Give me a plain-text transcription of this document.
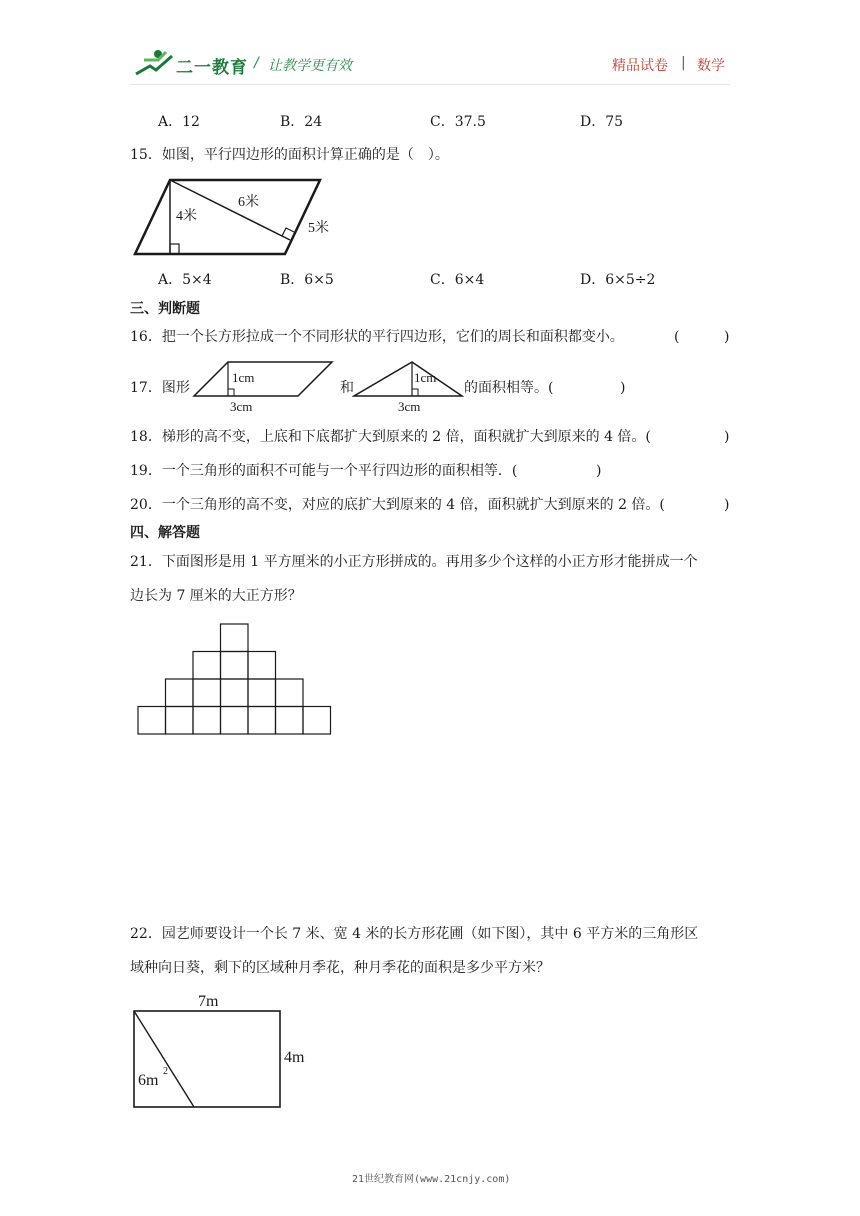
二一教育 / 让教学更有效	精品试卷 | 数学
A．12	B．24	C．37.5	D．75
15．如图，平行四边形的面积计算正确的是（　）。
6米
4米
5米
A．5×4	B．6×5	C．6×4	D．6×5÷2
三、判断题
16．把一个长方形拉成一个不同形状的平行四边形，它们的周长和面积都变小。	(	)
17．图形
1cm
3cm
和
1cm
3cm
的面积相等。(	)
18．梯形的高不变，上底和下底都扩大到原来的 2 倍，面积就扩大到原来的 4 倍。(	)
19．一个三角形的面积不可能与一个平行四边形的面积相等．(	)
20．一个三角形的高不变，对应的底扩大到原来的 4 倍，面积就扩大到原来的 2 倍。(	)
四、解答题
21．下面图形是用 1 平方厘米的小正方形拼成的。再用多少个这样的小正方形才能拼成一个
边长为 7 厘米的大正方形？
22．园艺师要设计一个长 7 米、宽 4 米的长方形花圃（如下图），其中 6 平方米的三角形区
域种向日葵，剩下的区域种月季花，种月季花的面积是多少平方米？
7m
4m
6m
2
21世纪教育网(www.21cnjy.com)
